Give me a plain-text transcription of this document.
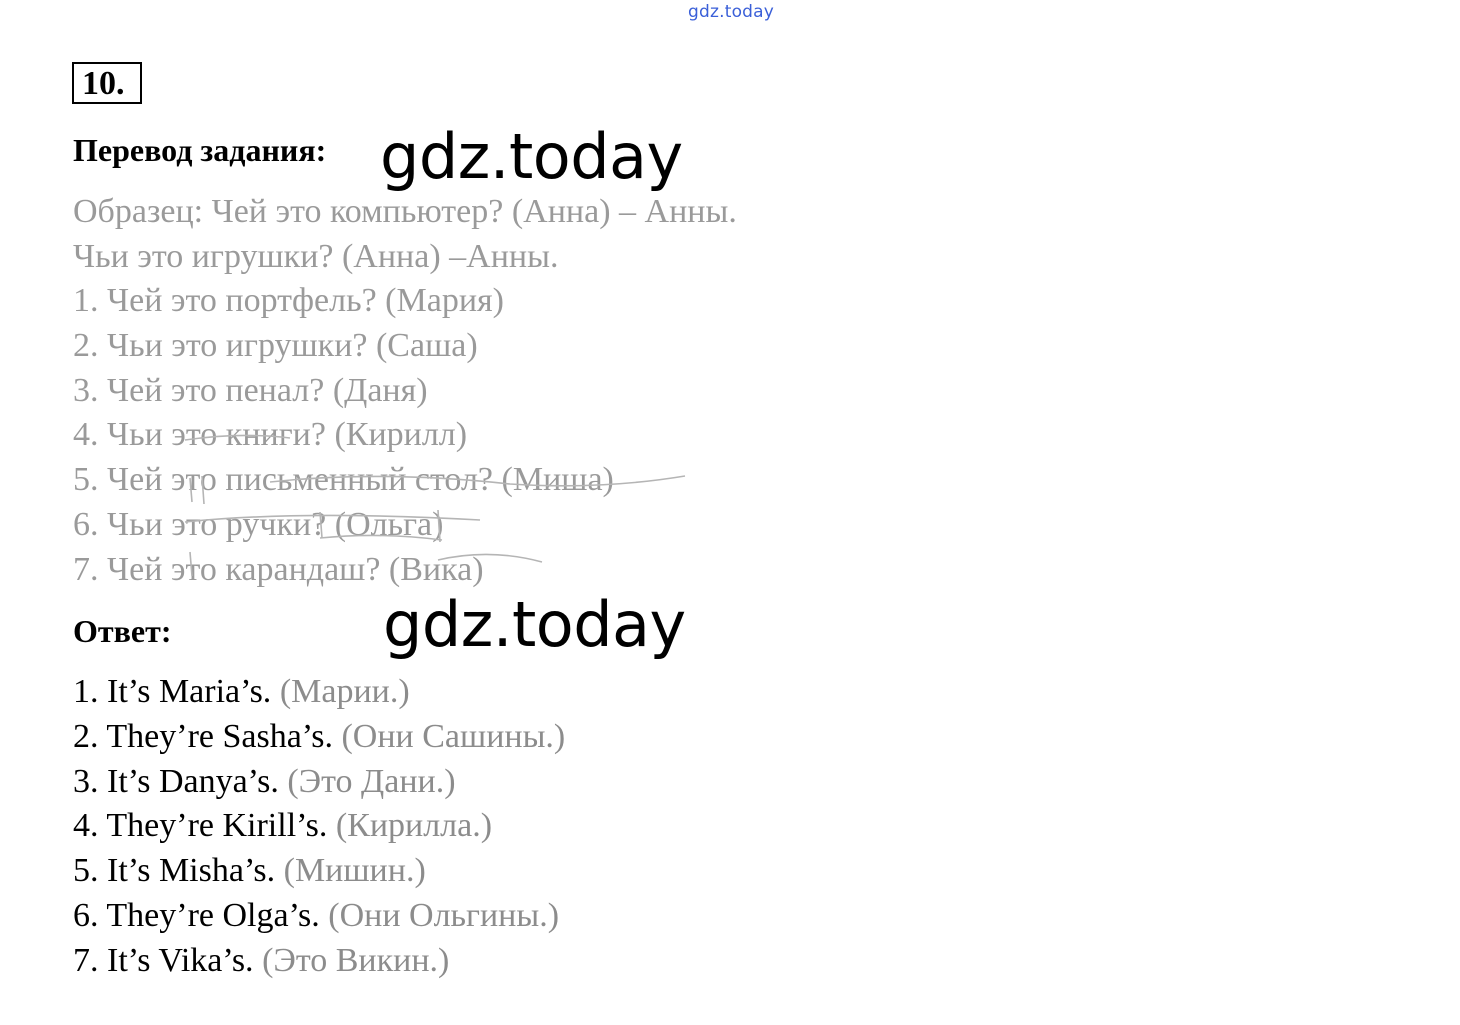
gdz.today
10.
Перевод задания: gdz.today
Образец: Чей это компьютер? (Анна) – Анны.
Чьи это игрушки? (Анна) –Анны.
1. Чей это портфель? (Мария)
2. Чьи это игрушки? (Саша)
3. Чей это пенал? (Даня)
4. Чьи это книги? (Кирилл)
5. Чей это письменный стол? (Миша)
6. Чьи это ручки? (Ольга)
7. Чей это карандаш? (Вика)
Ответ:	gdz.today
1. It’s Maria’s. (Марии.)
2. They’re Sasha’s. (Они Сашины.)
3. It’s Danya’s. (Это Дани.)
4. They’re Kirill’s. (Кирилла.)
5. It’s Misha’s. (Мишин.)
6. They’re Olga’s. (Они Ольгины.)
7. It’s Vika’s. (Это Викин.)
